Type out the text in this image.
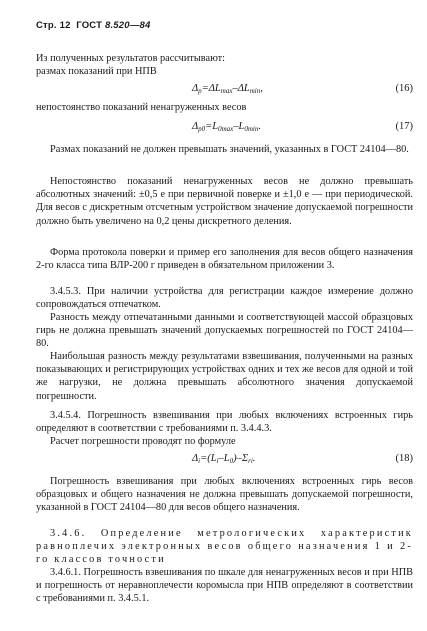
Стр. 12 ГОСТ 8.520—84
Из полученных результатов рассчитывают:
размах показаний при НПВ
$\Delta_р=\Delta L_{max}-\Delta L_{min}$,	(16)
непостоянство показаний ненагруженных весов
$\Delta_{р0}=L_{0max}-L_{0min}$.	(17)
Размах показаний не должен превышать значений, указанных в ГОСТ 24104—80.
Непостоянство показаний ненагруженных весов не должно превышать абсолютных значений: ±0,5 е при первичной поверке и ±1,0 е — при периодической. Для весов с дискретным отсчетным устройством значение допускаемой погрешности должно быть увеличено на 0,2 цены дискретного деления.
Форма протокола поверки и пример его заполнения для весов общего назначения 2-го класса типа ВЛР-200 г приведен в обязательном приложении 3.
3.4.5.3. При наличии устройства для регистрации каждое измерение должно сопровождаться отпечатком.
Разность между отпечатанными данными и соответствующей массой образцовых гирь не должна превышать значений допускаемых погрешностей по ГОСТ 24104—80.
Наибольшая разность между результатами взвешивания, полученными на разных показывающих и регистрирующих устройствах одних и тех же весов для одной и той же нагрузки, не должна превышать абсолютного значения допускаемой погрешности.
3.4.5.4. Погрешность взвешивания при любых включениях встроенных гирь определяют в соответствии с требованиями п. 3.4.4.3.
Расчет погрешности проводят по формуле
$\Delta_i=(L_i-L_0)-\Sigma_{ri}$.	(18)
Погрешность взвешивания при любых включениях встроенных гирь весов образцовых и общего назначения не должна превышать допускаемой погрешности, указанной в ГОСТ 24104—80 для весов общего назначения.
3.4.6. Определение метрологических характеристик равноплечих электронных весов общего назначения 1 и 2-го классов точности
3.4.6.1. Погрешность взвешивания по шкале для ненагруженных весов и при НПВ и погрешность от неравноплечести коромысла при НПВ определяют в соответствии с требованиями п. 3.4.5.1.
